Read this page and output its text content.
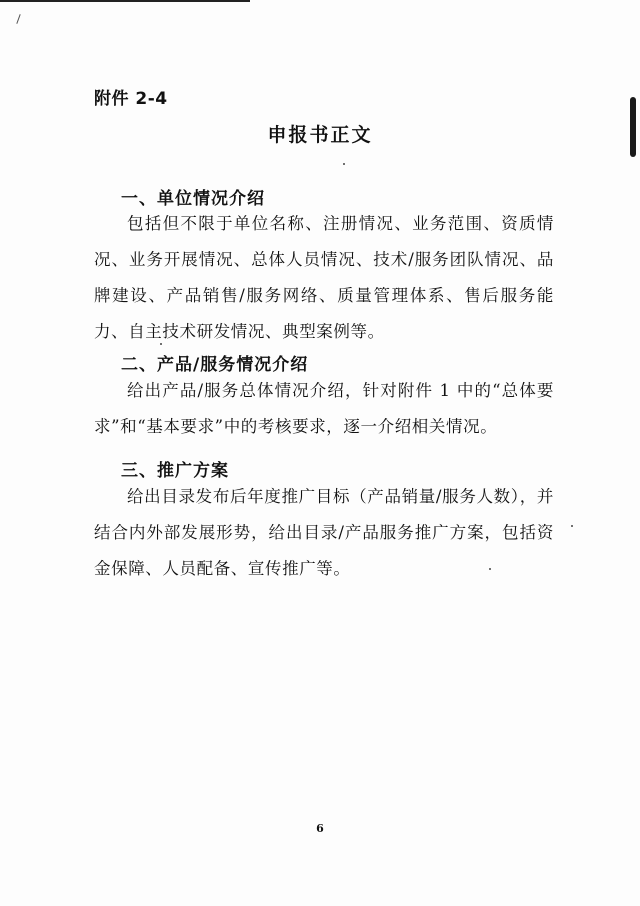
附件 2-4
申报书正文
一、单位情况介绍

包括但不限于单位名称、注册情况、业务范围、资质情况、业务开展情况、总体人员情况、技术/服务团队情况、品牌建设、产品销售/服务网络、质量管理体系、售后服务能力、自主技术研发情况、典型案例等。

二、产品/服务情况介绍

给出产品/服务总体情况介绍，针对附件 1 中的“总体要求”和“基本要求”中的考核要求，逐一介绍相关情况。

三、推广方案

给出目录发布后年度推广目标（产品销量/服务人数），并结合内外部发展形势，给出目录/产品服务推广方案，包括资金保障、人员配备、宣传推广等。

6
